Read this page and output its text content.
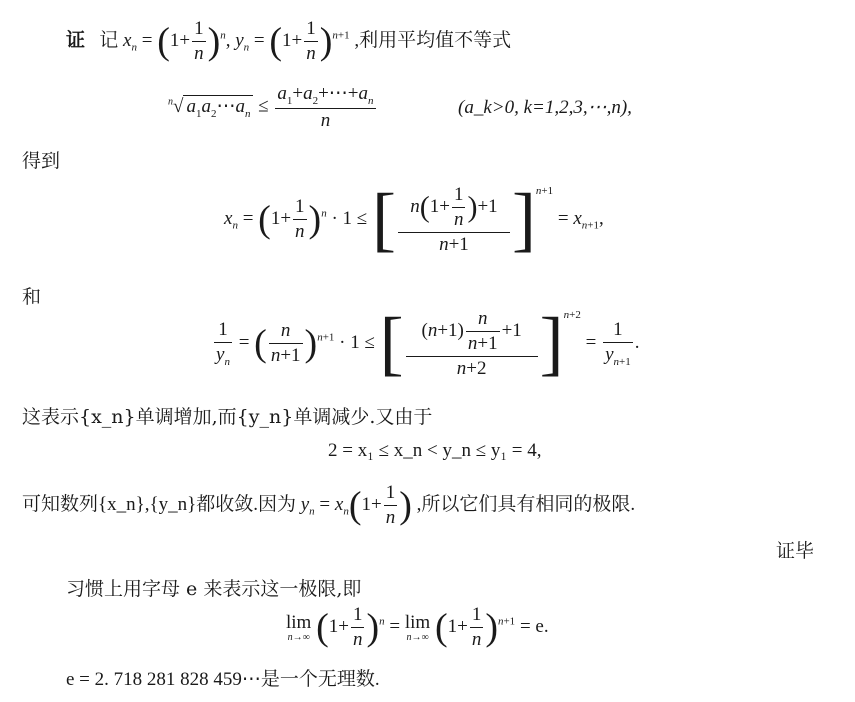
证 记 $x_n = (1+ \frac{1}{n} )^n$, $y_n = (1+ \frac{1}{n} )^{n+1}$ ,利用平均值不等式
$^n$√ $a_1a_2\cdots a_n \le \frac{a_1+a_2+\cdots+a_n}{n}$	(a_k>0, k=1,2,3,⋯,n),
得到
$x_n = (1+ \frac{1}{n} )^n \cdot 1$ ≤ [ $\frac{n(1+ \frac{1}{n} )+1}{n+1} ]^{n+1} = x_{n+1}$,
和
$\frac{1}{y_n}$ = ( $\frac{n}{n+1} )^{n+1} \cdot 1$ ≤ [ $\frac{(n+1) \frac{n}{n+1} +1}{n+2} ]^{n+2} = \frac{1}{y_{n+1}}$ .
这表示{x_n}单调增加,而{y_n}单调减少.又由于
2 = x₁ ≤ x_n < y_n ≤ y₁ = 4,
可知数列{x_n},{y_n}都收敛.因为 $y_n = x_n(1+ \frac{1}{n}$ ) ,所以它们具有相同的极限.
证毕
习惯上用字母 e 来表示这一极限,即
lim
n→∞ $(1+ \frac{1}{n} )^n = \lim$
n→∞ $(1+ \frac{1}{n} )^{n+1} = e$.
e = 2. 718 281 828 459⋯是一个无理数.
